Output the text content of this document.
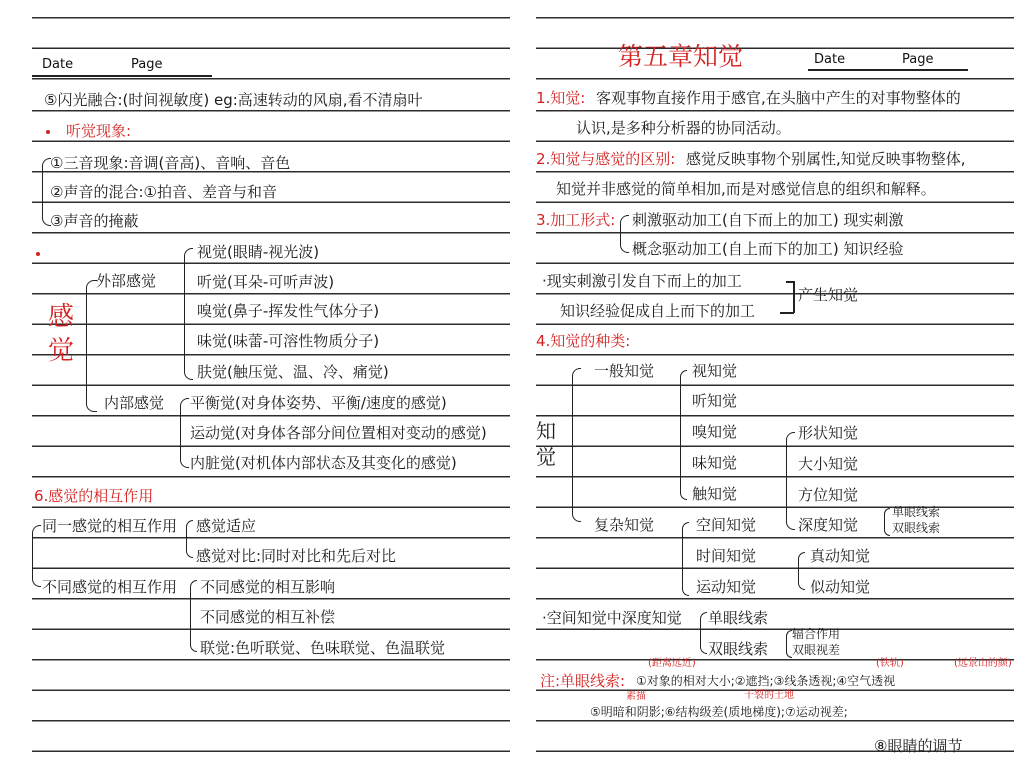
Date	Page
⑤闪光融合:(时间视敏度) eg:高速转动的风扇,看不清扇叶
听觉现象:
①三音现象:音调(音高)、音响、音色
②声音的混合:①拍音、差音与和音
③声音的掩蔽
感觉
外部感觉
视觉(眼睛-视光波)
听觉(耳朵-可听声波)
嗅觉(鼻子-挥发性气体分子)
味觉(味蕾-可溶性物质分子)
肤觉(触压觉、温、冷、痛觉)
内部感觉 平衡觉(对身体姿势、平衡/速度的感觉)
运动觉(对身体各部分间位置相对变动的感觉)
内脏觉(对机体内部状态及其变化的感觉)
6.感觉的相互作用
同一感觉的相互作用 感觉适应
感觉对比:同时对比和先后对比
不同感觉的相互作用 不同感觉的相互影响
不同感觉的相互补偿
联觉:色听联觉、色味联觉、色温联觉
第五章知觉	Date	Page
1.知觉: 客观事物直接作用于感官,在头脑中产生的对事物整体的
认识,是多种分析器的协同活动。
2.知觉与感觉的区别: 感觉反映事物个别属性,知觉反映事物整体,
知觉并非感觉的简单相加,而是对感觉信息的组织和解释。
3.加工形式: 刺激驱动加工(自下而上的加工) 现实刺激
概念驱动加工(自上而下的加工) 知识经验
·现实刺激引发自下而上的加工
知识经验促成自上而下的加工
产生知觉
4.知觉的种类:
知觉
一般知觉	视知觉
听知觉
嗅知觉
味知觉
触知觉
复杂知觉	空间知觉
形状知觉
大小知觉
方位知觉
深度知觉
单眼线索
双眼线索
时间知觉
运动知觉
真动知觉
似动知觉
·空间知觉中深度知觉 单眼线索
双眼线索
辐合作用
双眼视差
(距离远近)	(铁轨)	(远景山的颜)
注:单眼线索: ①对象的相对大小;②遮挡;③线条透视;④空气透视
素描	千裂的土地
⑤明暗和阴影;⑥结构级差(质地梯度);⑦运动视差;
⑧眼睛的调节
